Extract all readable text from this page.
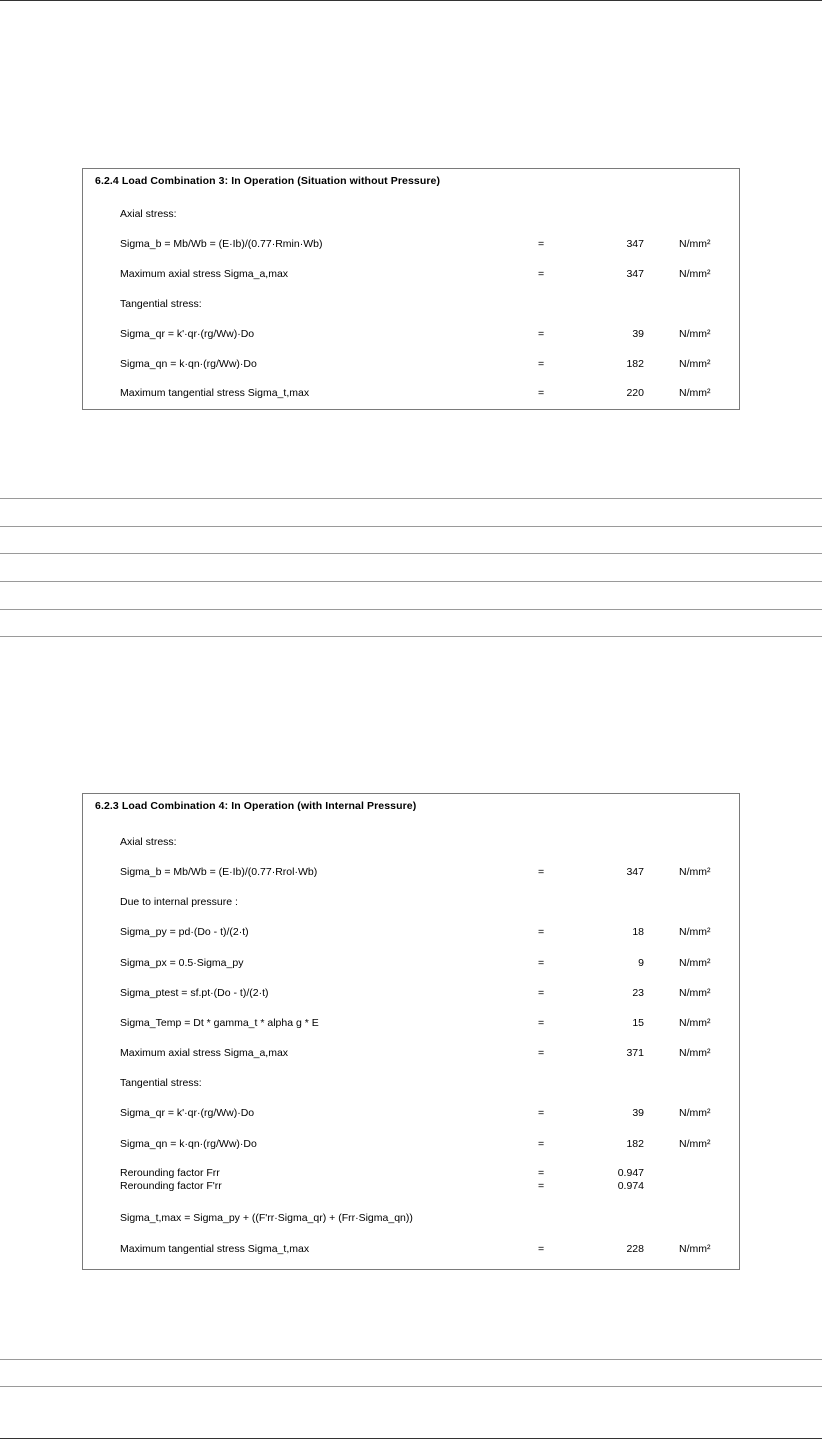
6.2.4 Load Combination 3: In Operation (Situation without Pressure)
Axial stress:
Sigma_b = Mb/Wb = (E·Ib)/(0.77·Rmin·Wb)	=	347	N/mm²
Maximum axial stress Sigma_a,max	=	347	N/mm²
Tangential stress:
Sigma_qr = k'·qr·(rg/Ww)·Do	=	39	N/mm²
Sigma_qn = k·qn·(rg/Ww)·Do	=	182	N/mm²
Maximum tangential stress Sigma_t,max	=	220	N/mm²
6.2.3 Load Combination 4: In Operation (with Internal Pressure)
Axial stress:
Sigma_b = Mb/Wb = (E·Ib)/(0.77·Rrol·Wb)	=	347	N/mm²
Due to internal pressure :
Sigma_py = pd·(Do - t)/(2·t)	=	18	N/mm²
Sigma_px = 0.5·Sigma_py	=	9	N/mm²
Sigma_ptest = sf.pt·(Do - t)/(2·t)	=	23	N/mm²
Sigma_Temp = Dt * gamma_t * alpha g * E	=	15	N/mm²
Maximum axial stress Sigma_a,max	=	371	N/mm²
Tangential stress:
Sigma_qr = k'·qr·(rg/Ww)·Do	=	39	N/mm²
Sigma_qn = k·qn·(rg/Ww)·Do	=	182	N/mm²
Rerounding factor Frr	=	0.947
Rerounding factor F'rr	=	0.974
Sigma_t,max = Sigma_py + ((F'rr·Sigma_qr) + (Frr·Sigma_qn))
Maximum tangential stress Sigma_t,max	=	228	N/mm²
